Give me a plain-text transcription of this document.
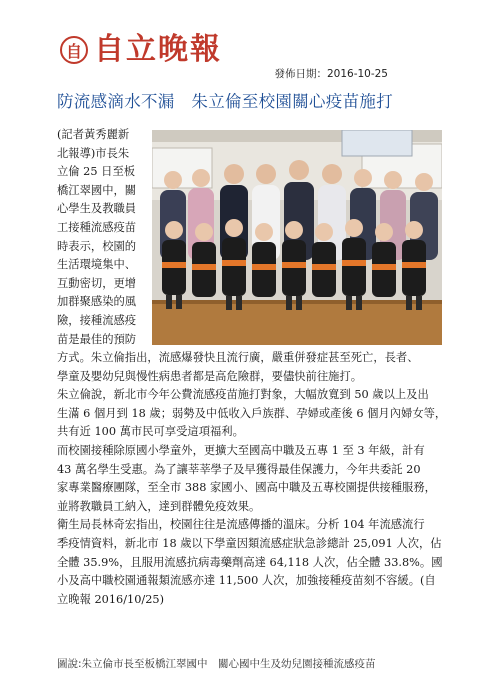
自 自立晚報
發佈日期：2016-10-25
防流感滴水不漏　朱立倫至校園關心疫苗施打
(記者黃秀麗新
北報導)市長朱
立倫 25 日至板
橋江翠國中，關
心學生及教職員
工接種流感疫苗
時表示，校園的
生活環境集中、
互動密切，更增
加群聚感染的風
險，接種流感疫
苗是最佳的預防
方式。朱立倫指出，流感爆發快且流行廣，嚴重併發症甚至死亡，長者、
學童及嬰幼兒與慢性病患者都是高危險群，要儘快前往施打。
朱立倫說，新北市今年公費流感疫苗施打對象，大幅放寬到 50 歲以上及出
生滿 6 個月到 18 歲；弱勢及中低收入戶族群、孕婦或產後 6 個月內婦女等，
共有近 100 萬市民可享受這項福利。
而校園接種除原國小學童外，更擴大至國高中職及五專 1 至 3 年級，計有
43 萬名學生受惠。為了讓莘莘學子及早獲得最佳保護力，今年共委託 20
家專業醫療團隊，至全市 388 家國小、國高中職及五專校園提供接種服務，
並將教職員工納入，達到群體免疫效果。
衛生局長林奇宏指出，校園往往是流感傳播的溫床。分析 104 年流感流行
季疫情資料，新北市 18 歲以下學童因類流感症狀急診總計 25,091 人次，佔
全體 35.9%，且服用流感抗病毒藥劑高達 64,118 人次，佔全體 33.8%。國
小及高中職校園通報類流感亦達 11,500 人次，加強接種疫苗刻不容緩。(自
立晚報 2016/10/25)
圖說:朱立倫市長至板橋江翠國中　關心國中生及幼兒園接種流感疫苗
